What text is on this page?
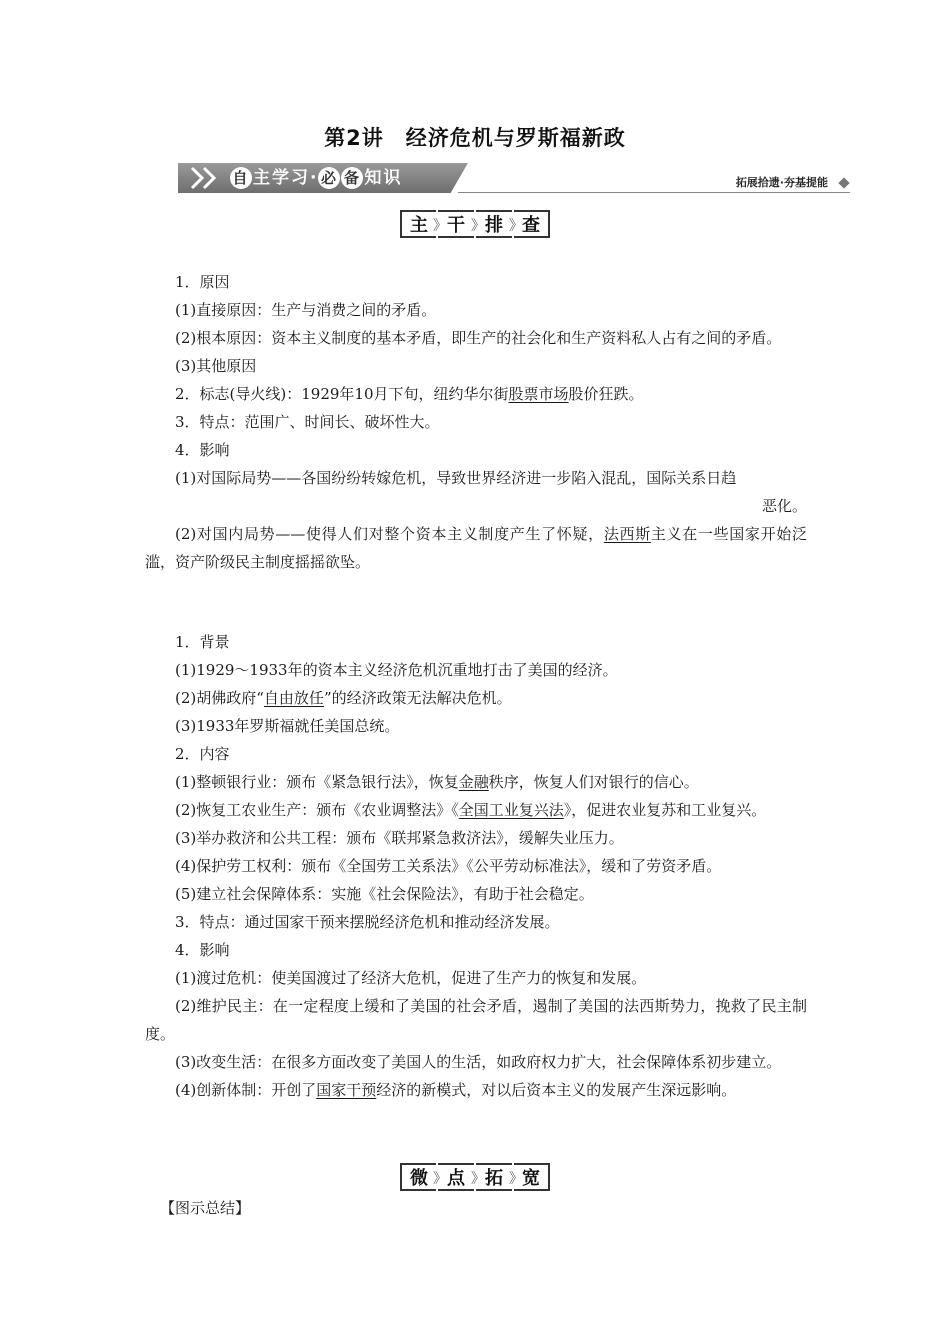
第2讲　经济危机与罗斯福新政
自 主学习· 必 备 知识	拓展拾遗·夯基提能
主 》	干 》	排 》	查

1．原因

(1)直接原因：生产与消费之间的矛盾。

(2)根本原因：资本主义制度的基本矛盾，即生产的社会化和生产资料私人占有之间的矛盾。

(3)其他原因

2．标志(导火线)：1929年10月下旬，纽约华尔街股票市场股价狂跌。

3．特点：范围广、时间长、破坏性大。

4．影响

(1)对国际局势——各国纷纷转嫁危机，导致世界经济进一步陷入混乱，国际关系日趋

恶化。

(2)对国内局势——使得人们对整个资本主义制度产生了怀疑，法西斯主义在一些国家开始泛滥，资产阶级民主制度摇摇欲坠。

1．背景

(1)1929～1933年的资本主义经济危机沉重地打击了美国的经济。

(2)胡佛政府“自由放任”的经济政策无法解决危机。

(3)1933年罗斯福就任美国总统。

2．内容

(1)整顿银行业：颁布《紧急银行法》，恢复金融秩序，恢复人们对银行的信心。

(2)恢复工农业生产：颁布《农业调整法》《全国工业复兴法》，促进农业复苏和工业复兴。

(3)举办救济和公共工程：颁布《联邦紧急救济法》，缓解失业压力。

(4)保护劳工权利：颁布《全国劳工关系法》《公平劳动标准法》，缓和了劳资矛盾。

(5)建立社会保障体系：实施《社会保险法》，有助于社会稳定。

3．特点：通过国家干预来摆脱经济危机和推动经济发展。

4．影响

(1)渡过危机：使美国渡过了经济大危机，促进了生产力的恢复和发展。

(2)维护民主：在一定程度上缓和了美国的社会矛盾，遏制了美国的法西斯势力，挽救了民主制度。

(3)改变生活：在很多方面改变了美国人的生活，如政府权力扩大，社会保障体系初步建立。

(4)创新体制：开创了国家干预经济的新模式，对以后资本主义的发展产生深远影响。

微 》	点 》	拓 》	宽

【图示总结】
